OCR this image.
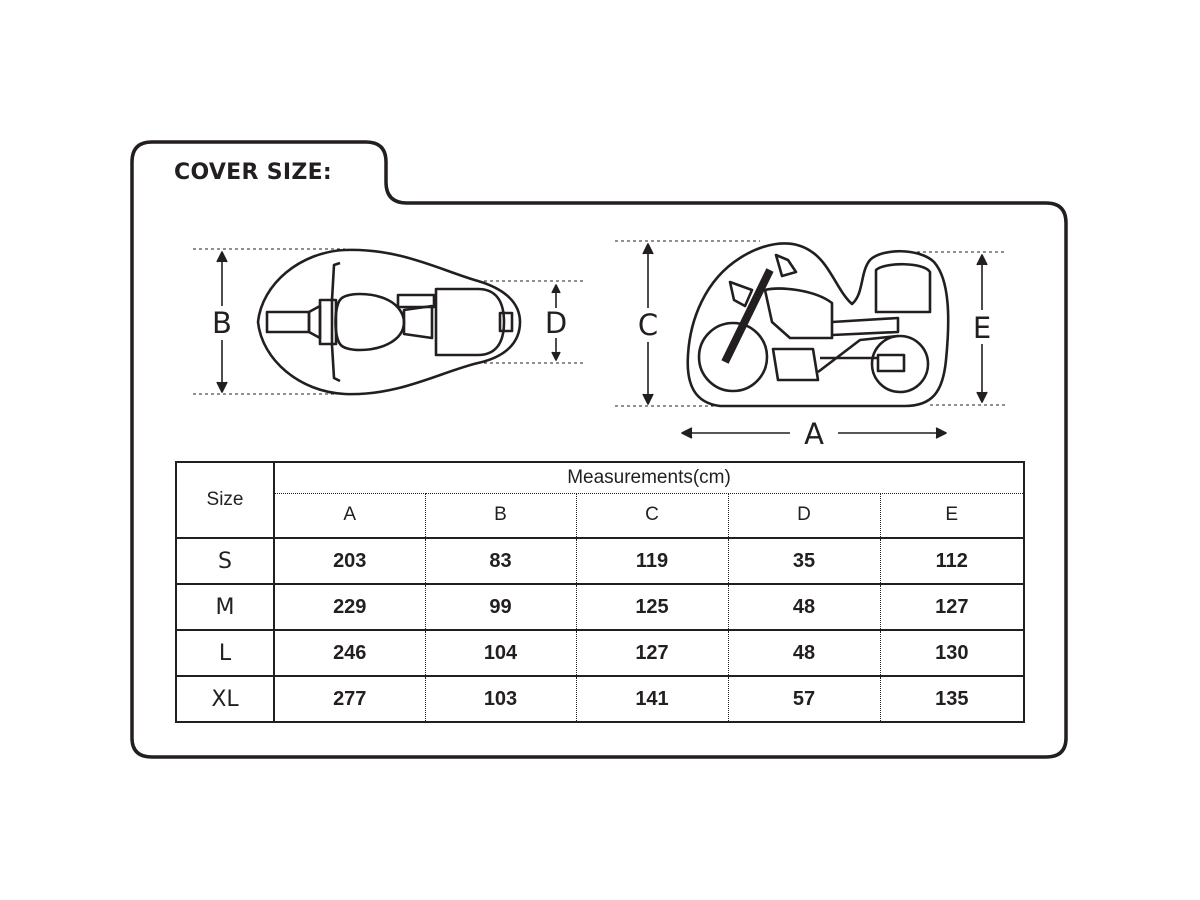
B	D C	E
A
COVER SIZE:
Size	Measurements(cm)				
	A	B	C	D	E
S	203	83	119	35	112
M	229	99	125	48	127
L	246	104	127	48	130
XL	277	103	141	57	135
